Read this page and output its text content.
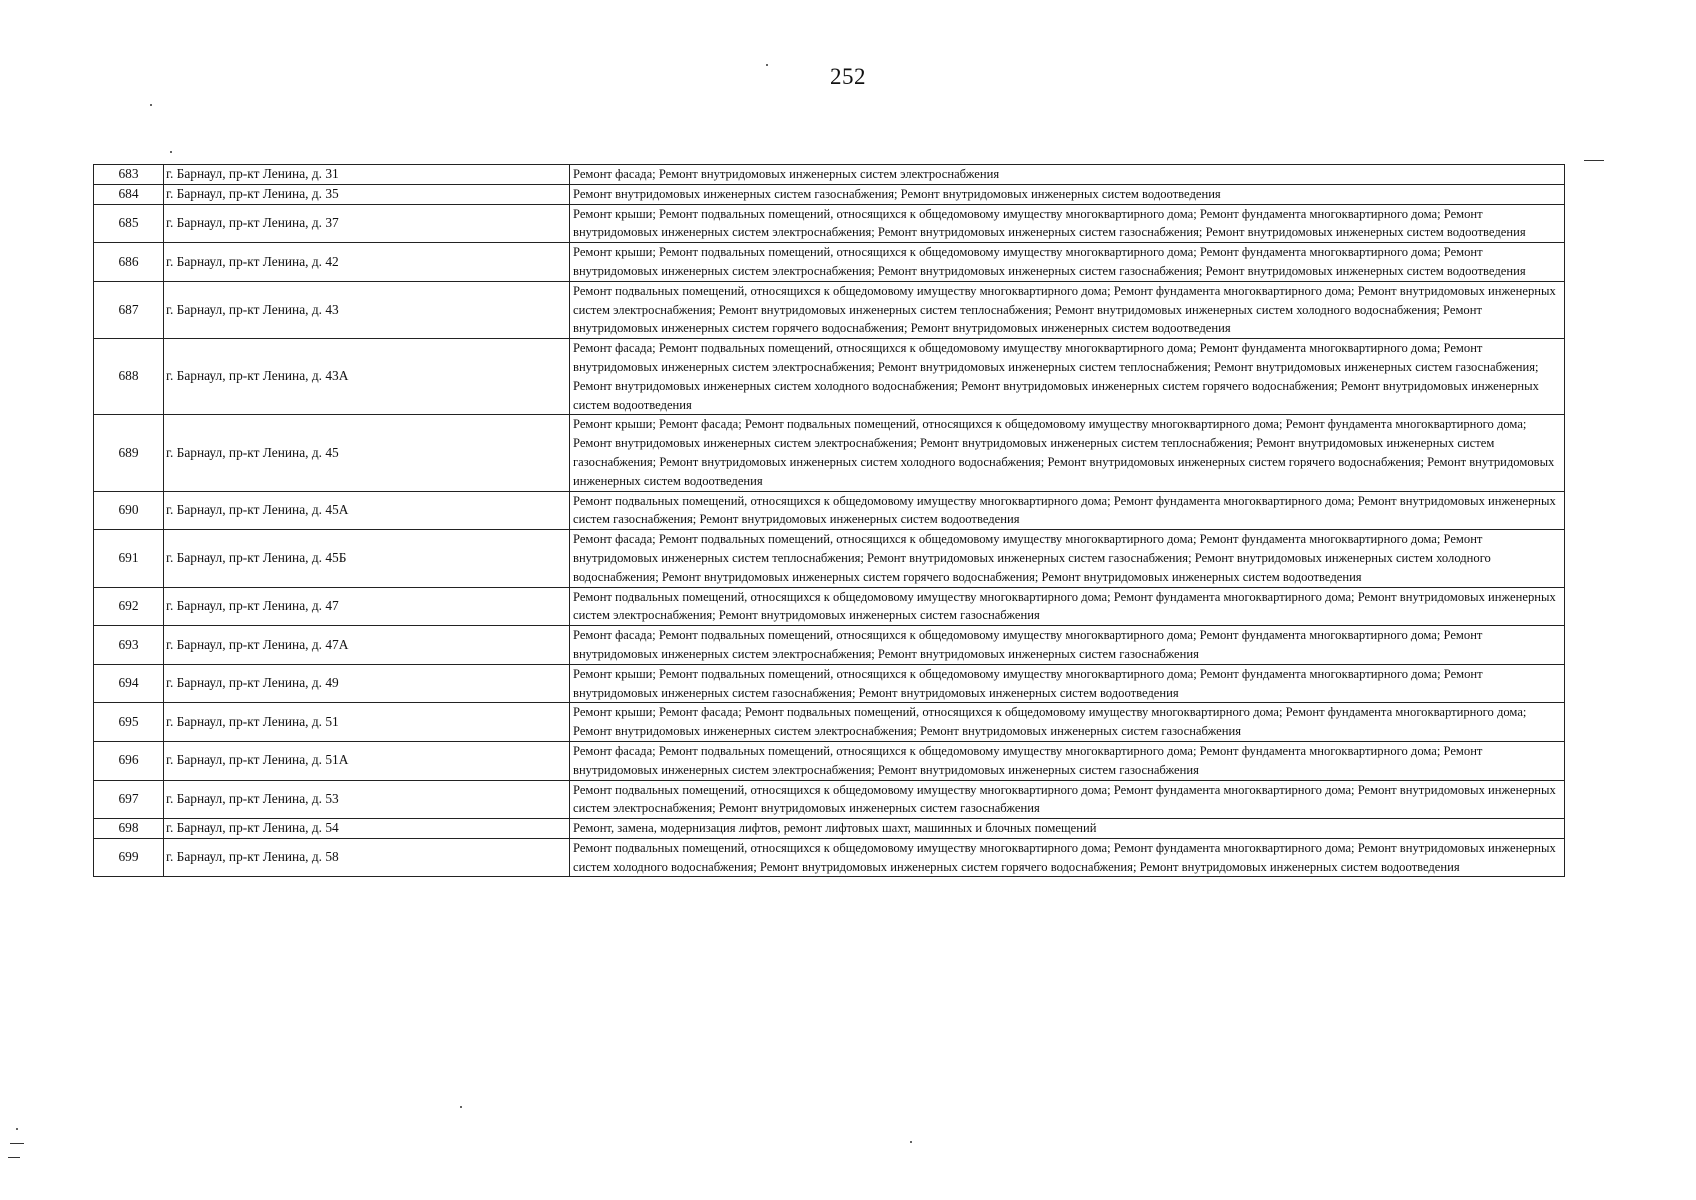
252
683	г. Барнаул, пр-кт Ленина, д. 31	Ремонт фасада; Ремонт внутридомовых инженерных систем электроснабжения
684	г. Барнаул, пр-кт Ленина, д. 35	Ремонт внутридомовых инженерных систем газоснабжения; Ремонт внутридомовых инженерных систем водоотведения
685	г. Барнаул, пр-кт Ленина, д. 37	Ремонт крыши; Ремонт подвальных помещений, относящихся к общедомовому имуществу многоквартирного дома; Ремонт фундамента многоквартирного дома; Ремонт внутридомовых инженерных систем электроснабжения; Ремонт внутридомовых инженерных систем газоснабжения; Ремонт внутридомовых инженерных систем водоотведения
686	г. Барнаул, пр-кт Ленина, д. 42	Ремонт крыши; Ремонт подвальных помещений, относящихся к общедомовому имуществу многоквартирного дома; Ремонт фундамента многоквартирного дома; Ремонт внутридомовых инженерных систем электроснабжения; Ремонт внутридомовых инженерных систем газоснабжения; Ремонт внутридомовых инженерных систем водоотведения
687	г. Барнаул, пр-кт Ленина, д. 43	Ремонт подвальных помещений, относящихся к общедомовому имуществу многоквартирного дома; Ремонт фундамента многоквартирного дома; Ремонт внутридомовых инженерных систем электроснабжения; Ремонт внутридомовых инженерных систем теплоснабжения; Ремонт внутридомовых инженерных систем холодного водоснабжения; Ремонт внутридомовых инженерных систем горячего водоснабжения; Ремонт внутридомовых инженерных систем водоотведения
688	г. Барнаул, пр-кт Ленина, д. 43А	Ремонт фасада; Ремонт подвальных помещений, относящихся к общедомовому имуществу многоквартирного дома; Ремонт фундамента многоквартирного дома; Ремонт внутридомовых инженерных систем электроснабжения; Ремонт внутридомовых инженерных систем теплоснабжения; Ремонт внутридомовых инженерных систем газоснабжения; Ремонт внутридомовых инженерных систем холодного водоснабжения; Ремонт внутридомовых инженерных систем горячего водоснабжения; Ремонт внутридомовых инженерных систем водоотведения
689	г. Барнаул, пр-кт Ленина, д. 45	Ремонт крыши; Ремонт фасада; Ремонт подвальных помещений, относящихся к общедомовому имуществу многоквартирного дома; Ремонт фундамента многоквартирного дома; Ремонт внутридомовых инженерных систем электроснабжения; Ремонт внутридомовых инженерных систем теплоснабжения; Ремонт внутридомовых инженерных систем газоснабжения; Ремонт внутридомовых инженерных систем холодного водоснабжения; Ремонт внутридомовых инженерных систем горячего водоснабжения; Ремонт внутридомовых инженерных систем водоотведения
690	г. Барнаул, пр-кт Ленина, д. 45А	Ремонт подвальных помещений, относящихся к общедомовому имуществу многоквартирного дома; Ремонт фундамента многоквартирного дома; Ремонт внутридомовых инженерных систем газоснабжения; Ремонт внутридомовых инженерных систем водоотведения
691	г. Барнаул, пр-кт Ленина, д. 45Б	Ремонт фасада; Ремонт подвальных помещений, относящихся к общедомовому имуществу многоквартирного дома; Ремонт фундамента многоквартирного дома; Ремонт внутридомовых инженерных систем теплоснабжения; Ремонт внутридомовых инженерных систем газоснабжения; Ремонт внутридомовых инженерных систем холодного водоснабжения; Ремонт внутридомовых инженерных систем горячего водоснабжения; Ремонт внутридомовых инженерных систем водоотведения
692	г. Барнаул, пр-кт Ленина, д. 47	Ремонт подвальных помещений, относящихся к общедомовому имуществу многоквартирного дома; Ремонт фундамента многоквартирного дома; Ремонт внутридомовых инженерных систем электроснабжения; Ремонт внутридомовых инженерных систем газоснабжения
693	г. Барнаул, пр-кт Ленина, д. 47А	Ремонт фасада; Ремонт подвальных помещений, относящихся к общедомовому имуществу многоквартирного дома; Ремонт фундамента многоквартирного дома; Ремонт внутридомовых инженерных систем электроснабжения; Ремонт внутридомовых инженерных систем газоснабжения
694	г. Барнаул, пр-кт Ленина, д. 49	Ремонт крыши; Ремонт подвальных помещений, относящихся к общедомовому имуществу многоквартирного дома; Ремонт фундамента многоквартирного дома; Ремонт внутридомовых инженерных систем газоснабжения; Ремонт внутридомовых инженерных систем водоотведения
695	г. Барнаул, пр-кт Ленина, д. 51	Ремонт крыши; Ремонт фасада; Ремонт подвальных помещений, относящихся к общедомовому имуществу многоквартирного дома; Ремонт фундамента многоквартирного дома; Ремонт внутридомовых инженерных систем электроснабжения; Ремонт внутридомовых инженерных систем газоснабжения
696	г. Барнаул, пр-кт Ленина, д. 51А	Ремонт фасада; Ремонт подвальных помещений, относящихся к общедомовому имуществу многоквартирного дома; Ремонт фундамента многоквартирного дома; Ремонт внутридомовых инженерных систем электроснабжения; Ремонт внутридомовых инженерных систем газоснабжения
697	г. Барнаул, пр-кт Ленина, д. 53	Ремонт подвальных помещений, относящихся к общедомовому имуществу многоквартирного дома; Ремонт фундамента многоквартирного дома; Ремонт внутридомовых инженерных систем электроснабжения; Ремонт внутридомовых инженерных систем газоснабжения
698	г. Барнаул, пр-кт Ленина, д. 54	Ремонт, замена, модернизация лифтов, ремонт лифтовых шахт, машинных и блочных помещений
699	г. Барнаул, пр-кт Ленина, д. 58	Ремонт подвальных помещений, относящихся к общедомовому имуществу многоквартирного дома; Ремонт фундамента многоквартирного дома; Ремонт внутридомовых инженерных систем холодного водоснабжения; Ремонт внутридомовых инженерных систем горячего водоснабжения; Ремонт внутридомовых инженерных систем водоотведения
